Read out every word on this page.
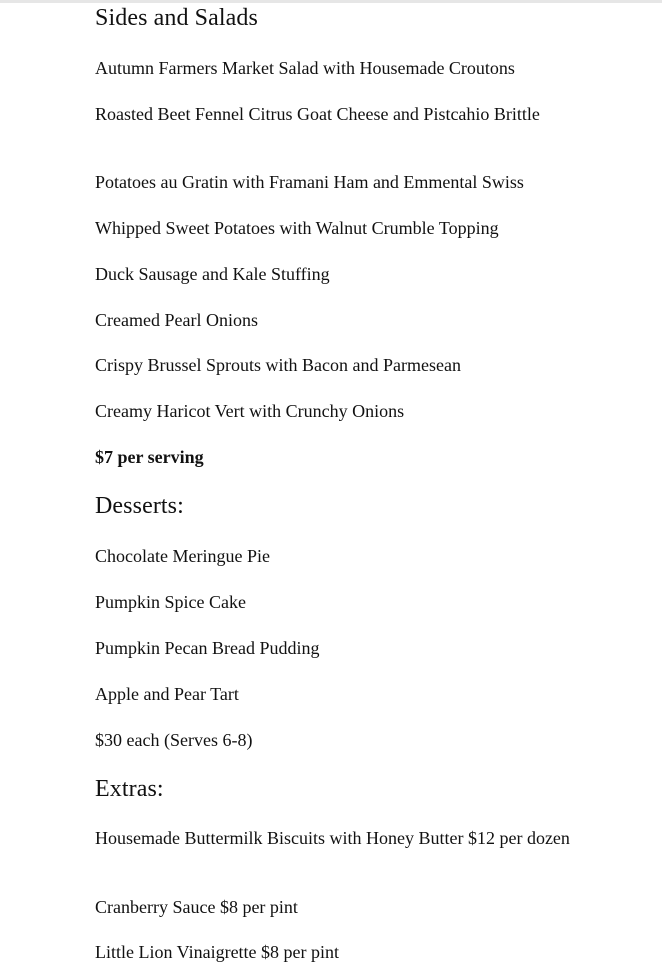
Sides and Salads

Autumn Farmers Market Salad with Housemade Croutons

Roasted Beet Fennel Citrus Goat Cheese and Pistcahio Brittle

Potatoes au Gratin with Framani Ham and Emmental Swiss

Whipped Sweet Potatoes with Walnut Crumble Topping

Duck Sausage and Kale Stuffing

Creamed Pearl Onions

Crispy Brussel Sprouts with Bacon and Parmesean

Creamy Haricot Vert with Crunchy Onions

$7 per serving

Desserts:

Chocolate Meringue Pie

Pumpkin Spice Cake

Pumpkin Pecan Bread Pudding

Apple and Pear Tart

$30 each (Serves 6-8)

Extras:

Housemade Buttermilk Biscuits with Honey Butter $12 per dozen

Cranberry Sauce $8 per pint

Little Lion Vinaigrette $8 per pint
